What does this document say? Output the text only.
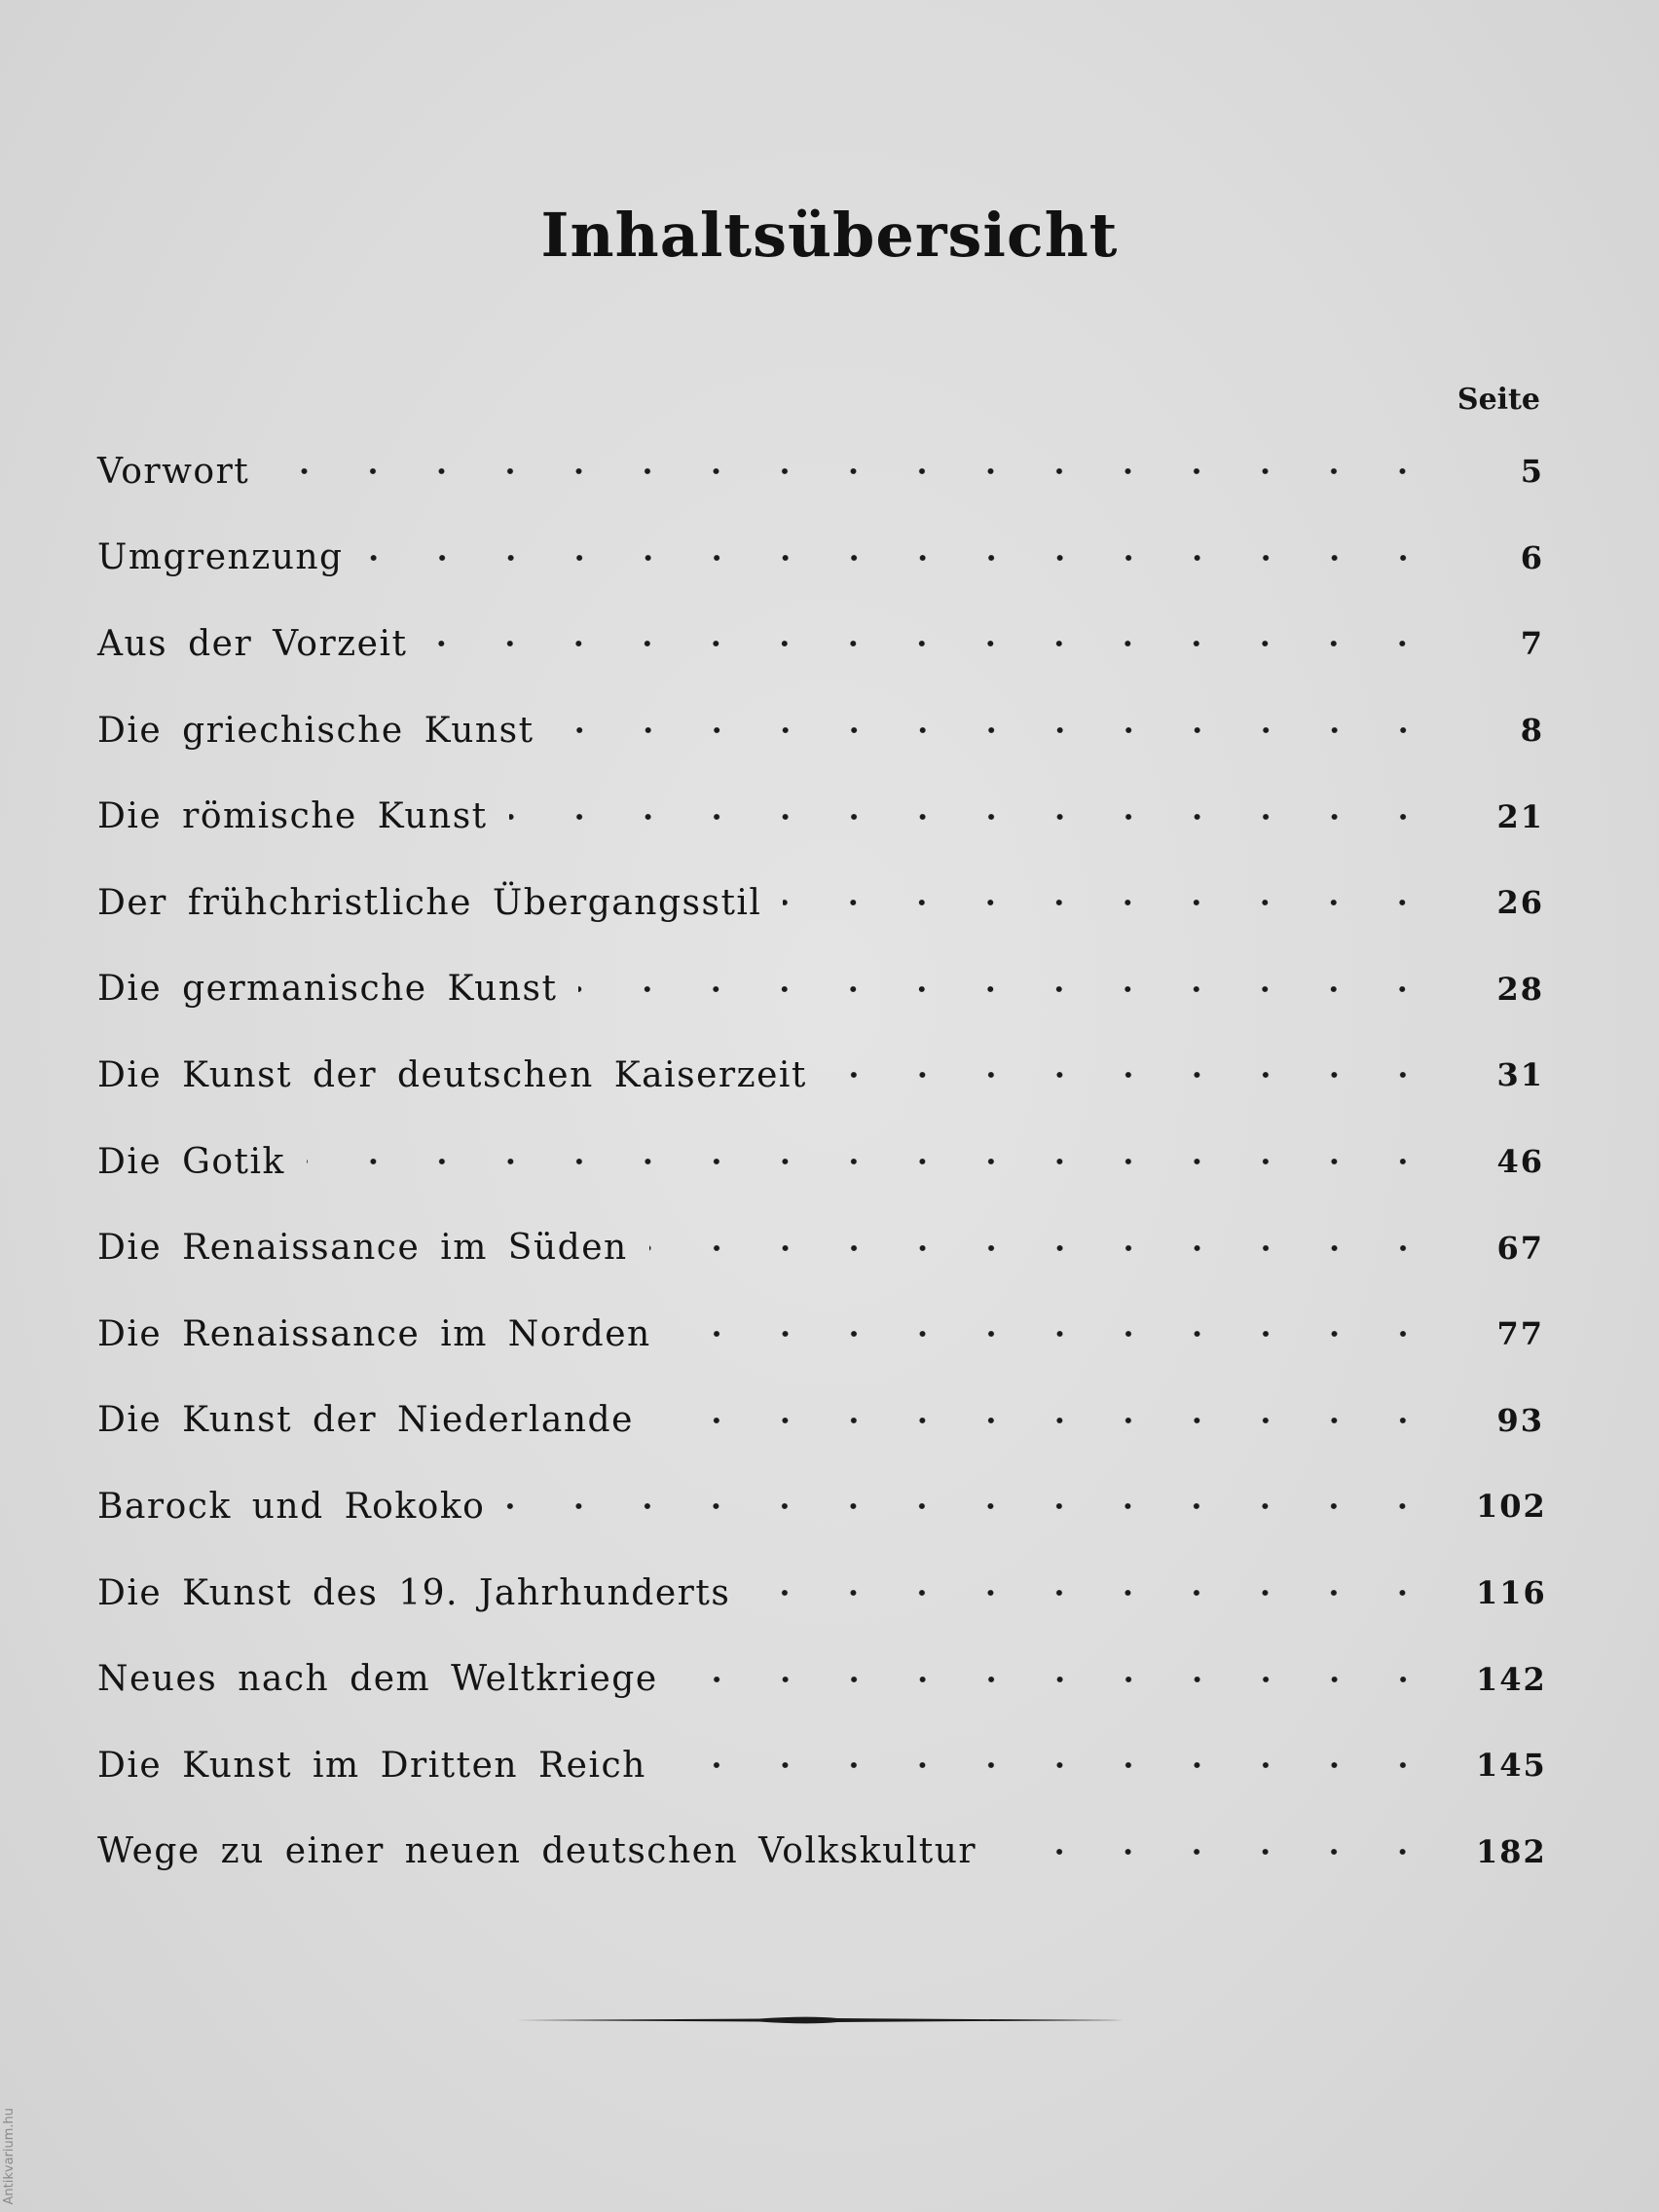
Inhaltsübersicht
Seite
Vorwort	5
Umgrenzung	6
Aus der Vorzeit	7
Die griechische Kunst	8
Die römische Kunst	21
Der frühchristliche Übergangsstil	26
Die germanische Kunst	28
Die Kunst der deutschen Kaiserzeit	31
Die Gotik	46
Die Renaissance im Süden	67
Die Renaissance im Norden	77
Die Kunst der Niederlande	93
Barock und Rokoko	102
Die Kunst des 19. Jahrhunderts	116
Neues nach dem Weltkriege	142
Die Kunst im Dritten Reich	145
Wege zu einer neuen deutschen Volkskultur	182
Antikvarium.hu
